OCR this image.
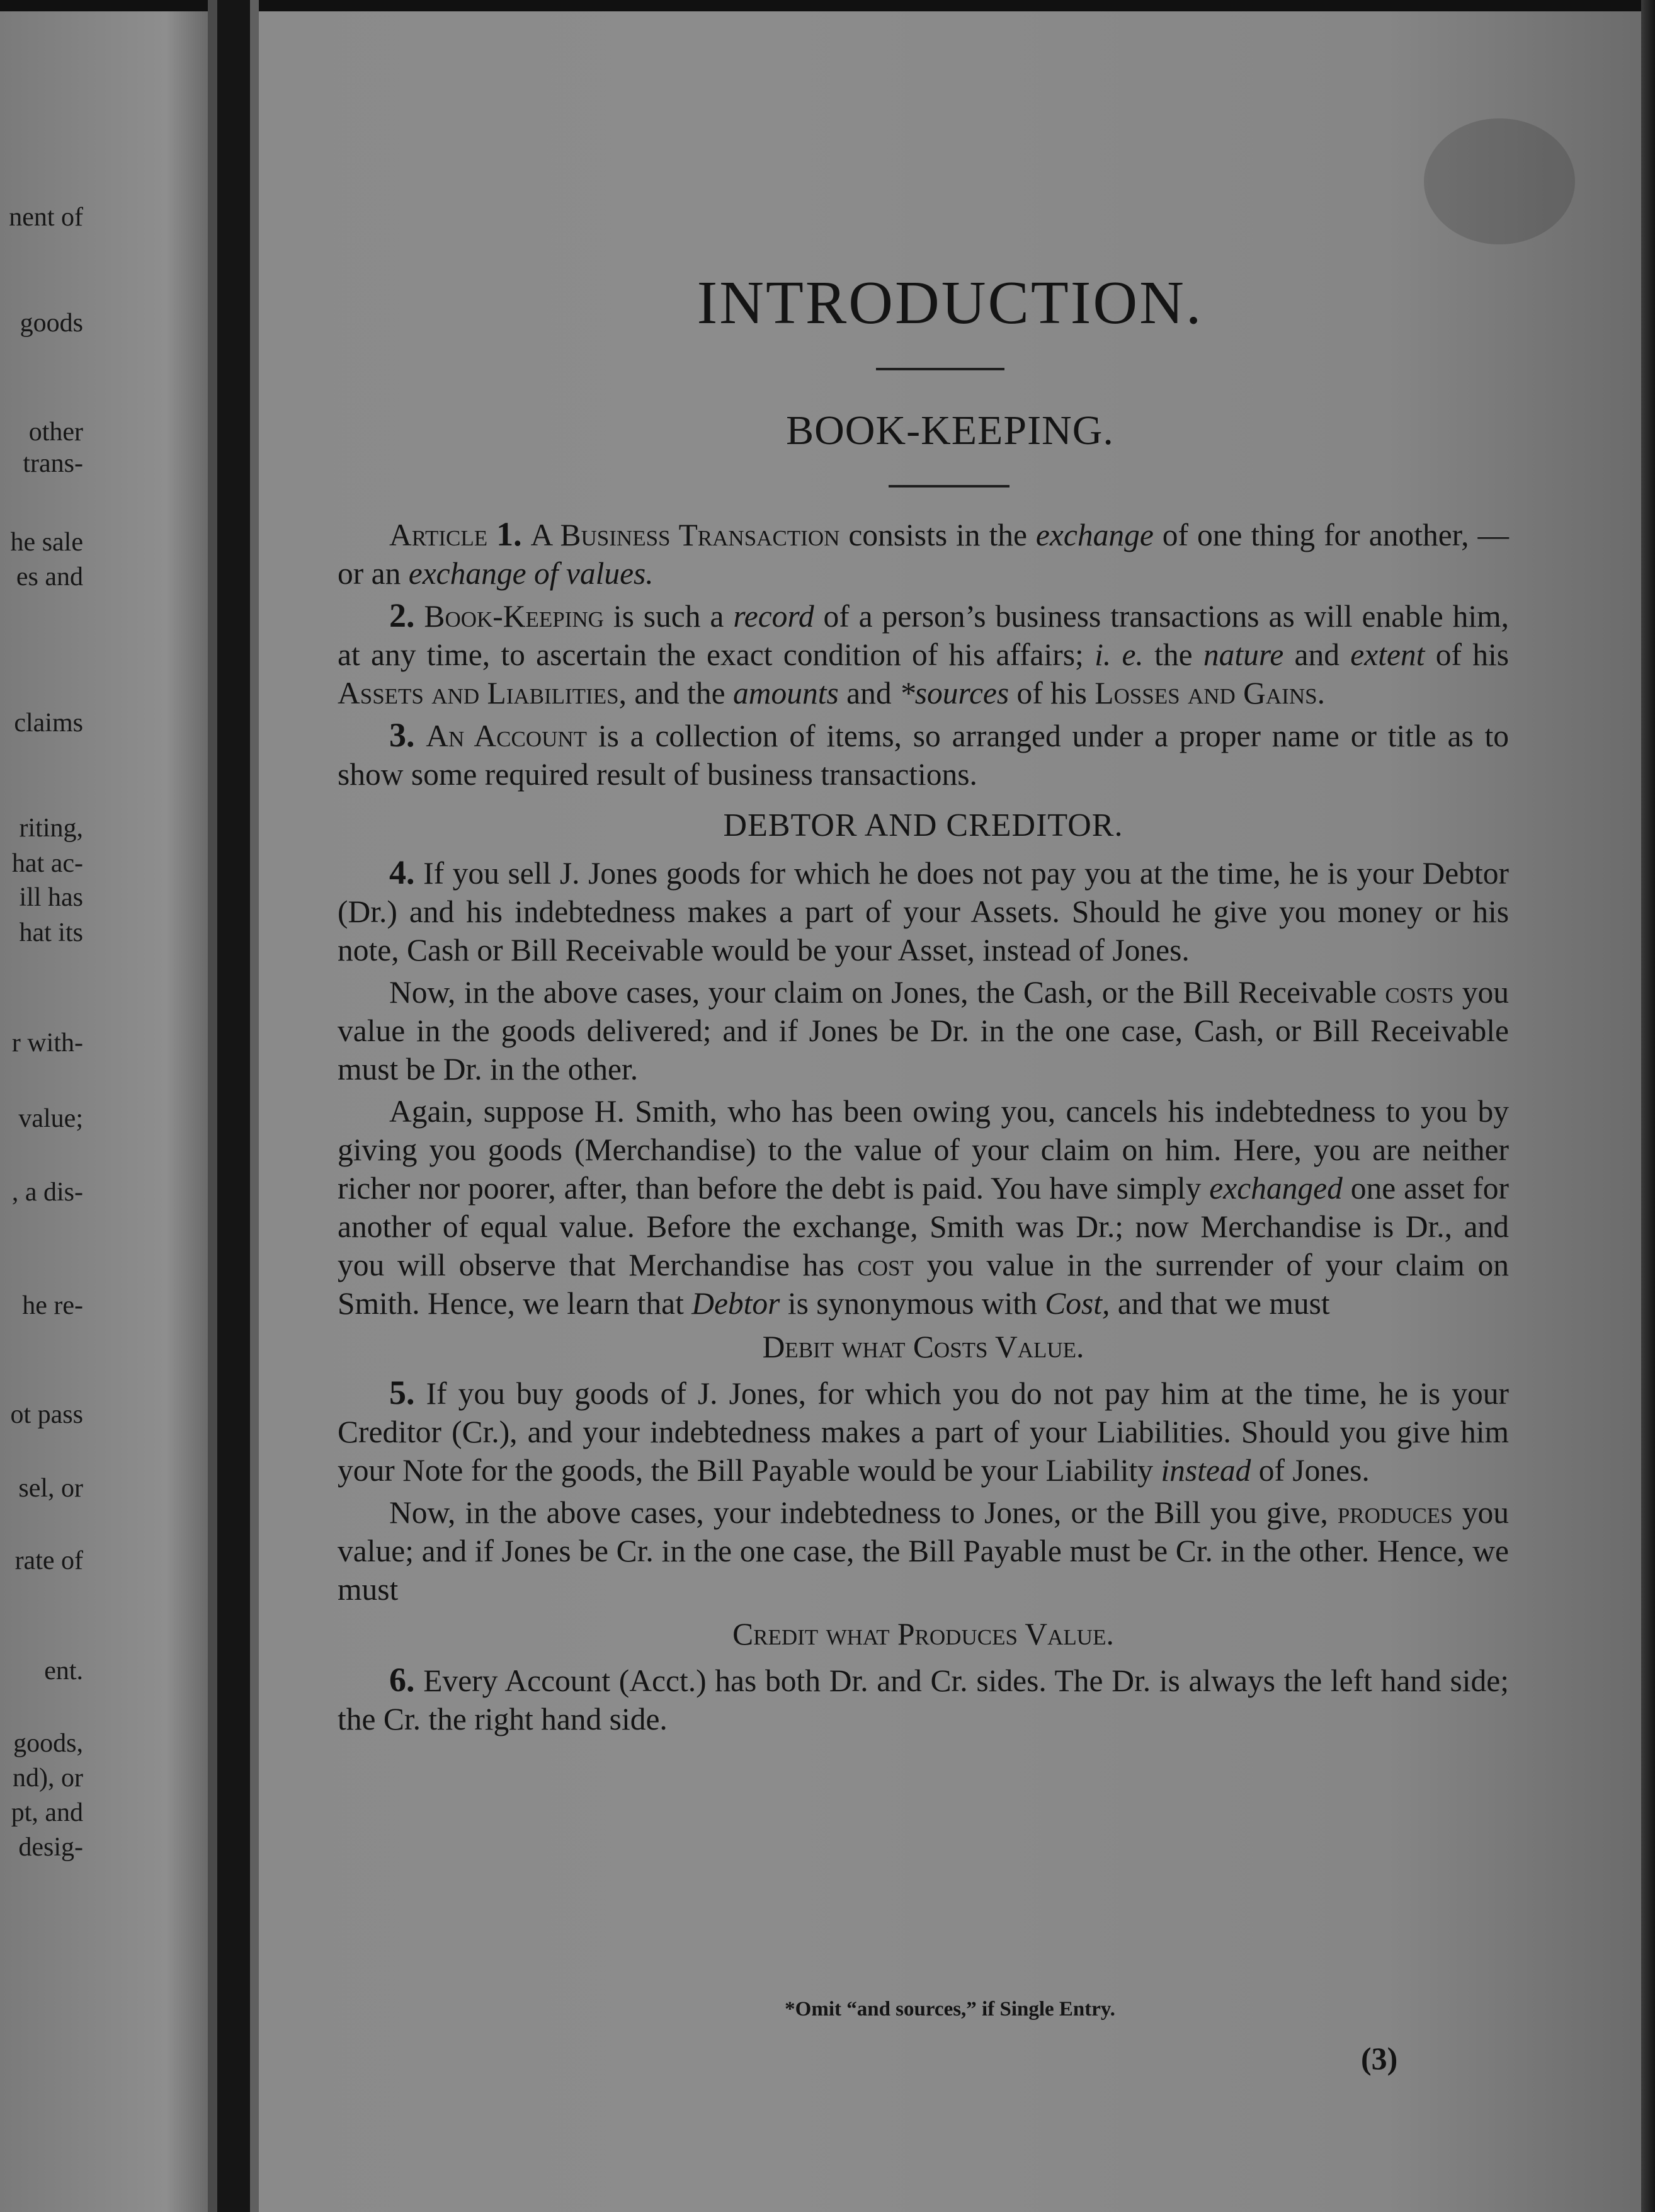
nent of
goods
other
trans-
he sale
es and
claims
riting,
hat ac-
ill has
hat its
r with-
value;
, a dis-
he re-
ot pass
sel, or
rate of
ent.
goods,
nd), or
pt, and
desig-
INTRODUCTION.
BOOK-KEEPING.

Article 1. A Business Transaction consists in the exchange of one thing for another, — or an exchange of values.

2. Book-Keeping is such a record of a person’s business transactions as will enable him, at any time, to ascertain the exact condition of his affairs; i. e. the nature and extent of his Assets and Liabilities, and the amounts and *sources of his Losses and Gains.

3. An Account is a collection of items, so arranged under a proper name or title as to show some required result of business transactions.

DEBTOR AND CREDITOR.

4. If you sell J. Jones goods for which he does not pay you at the time, he is your Debtor (Dr.) and his indebtedness makes a part of your Assets. Should he give you money or his note, Cash or Bill Receivable would be your Asset, instead of Jones.

Now, in the above cases, your claim on Jones, the Cash, or the Bill Receivable costs you value in the goods delivered; and if Jones be Dr. in the one case, Cash, or Bill Receivable must be Dr. in the other.

Again, suppose H. Smith, who has been owing you, cancels his indebtedness to you by giving you goods (Merchandise) to the value of your claim on him. Here, you are neither richer nor poorer, after, than before the debt is paid. You have simply exchanged one asset for another of equal value. Before the exchange, Smith was Dr.; now Merchandise is Dr., and you will observe that Merchandise has cost you value in the surrender of your claim on Smith. Hence, we learn that Debtor is synonymous with Cost, and that we must

Debit what Costs Value.

5. If you buy goods of J. Jones, for which you do not pay him at the time, he is your Creditor (Cr.), and your indebtedness makes a part of your Liabilities. Should you give him your Note for the goods, the Bill Payable would be your Liability instead of Jones.

Now, in the above cases, your indebtedness to Jones, or the Bill you give, produces you value; and if Jones be Cr. in the one case, the Bill Payable must be Cr. in the other. Hence, we must

Credit what Produces Value.

6. Every Account (Acct.) has both Dr. and Cr. sides. The Dr. is always the left hand side; the Cr. the right hand side.

*Omit “and sources,” if Single Entry.
(3)
